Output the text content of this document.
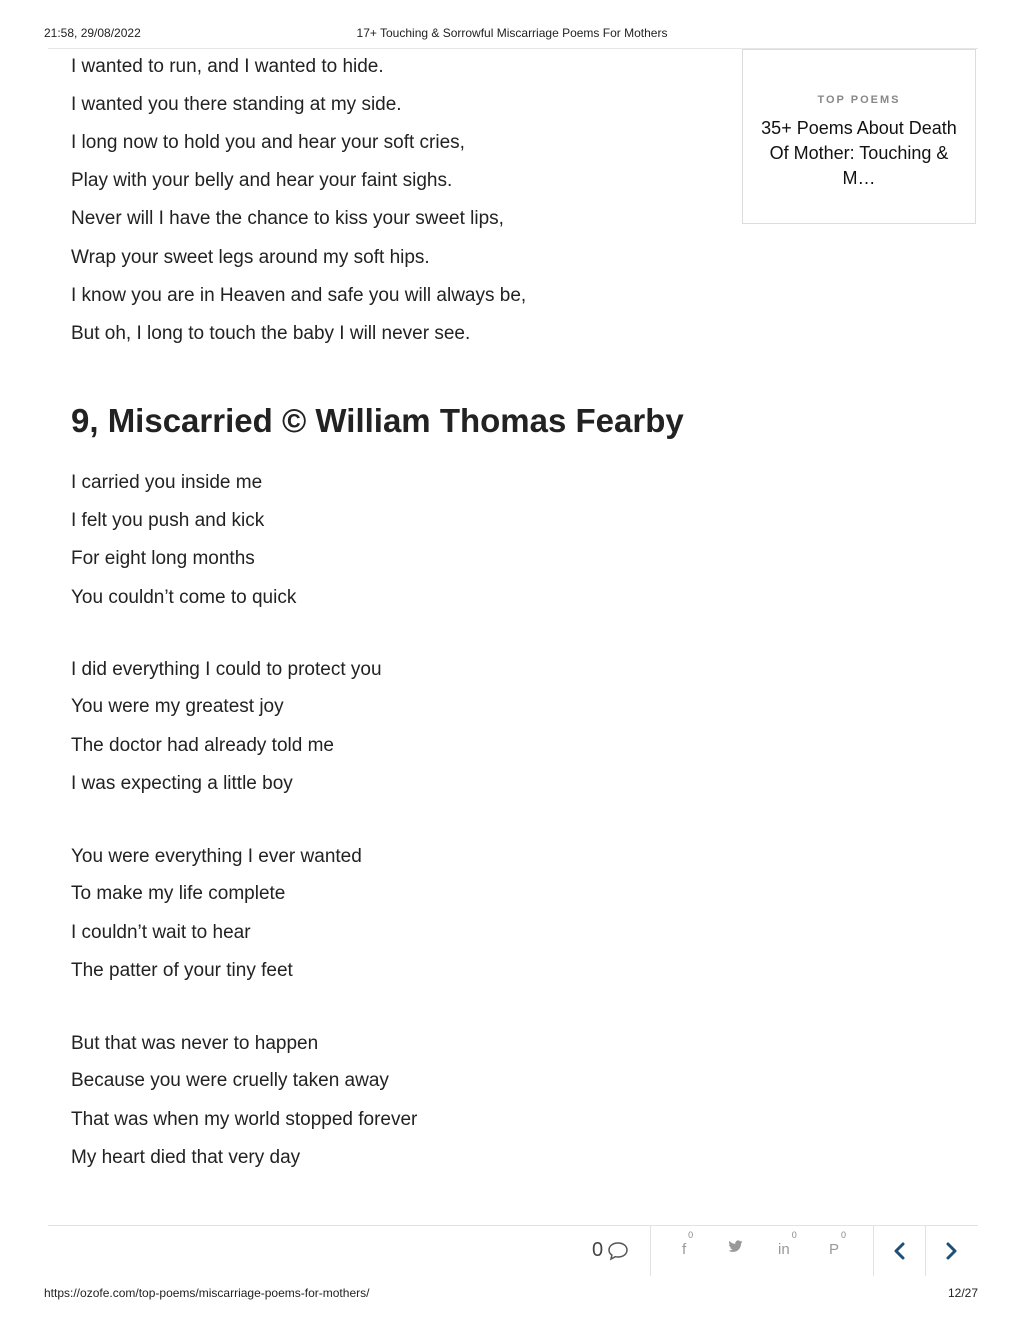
21:58, 29/08/2022	17+ Touching & Sorrowful Miscarriage Poems For Mothers
I wanted to run, and I wanted to hide.
I wanted you there standing at my side.
I long now to hold you and hear your soft cries,
Play with your belly and hear your faint sighs.
Never will I have the chance to kiss your sweet lips,
Wrap your sweet legs around my soft hips.
I know you are in Heaven and safe you will always be,
But oh, I long to touch the baby I will never see.
9, Miscarried © William Thomas Fearby
I carried you inside me
I felt you push and kick
For eight long months
You couldn’t come to quick
I did everything I could to protect you
You were my greatest joy
The doctor had already told me
I was expecting a little boy
You were everything I ever wanted
To make my life complete
I couldn’t wait to hear
The patter of your tiny feet
But that was never to happen
Because you were cruelly taken away
That was when my world stopped forever
My heart died that very day
TOP POEMS
35+ Poems About Death Of Mother: Touching & M…
0	$f^0$
$in^0$
$P^0$
https://ozofe.com/top-poems/miscarriage-poems-for-mothers/	12/27
